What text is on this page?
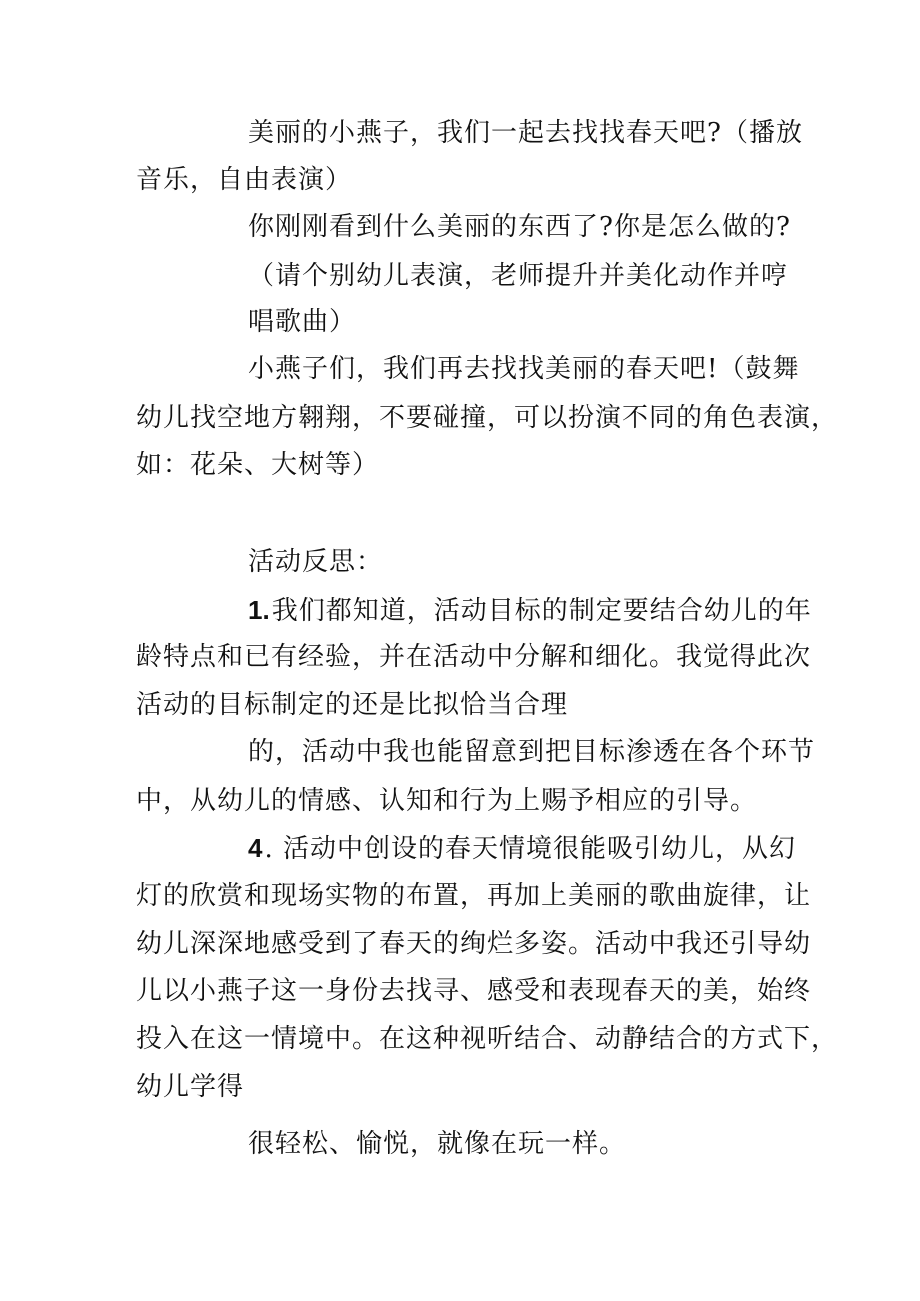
美丽的小燕子，我们一起去找找春天吧?（播放

音乐，自由表演）

你刚刚看到什么美丽的东西了?你是怎么做的?

（请个别幼儿表演，老师提升并美化动作并哼

唱歌曲）

小燕子们，我们再去找找美丽的春天吧!（鼓舞

幼儿找空地方翱翔，不要碰撞，可以扮演不同的角色表演，

如：花朵、大树等）

活动反思：

1.我们都知道，活动目标的制定要结合幼儿的年

龄特点和已有经验，并在活动中分解和细化。我觉得此次

活动的目标制定的还是比拟恰当合理

的，活动中我也能留意到把目标渗透在各个环节

中，从幼儿的情感、认知和行为上赐予相应的引导。

4. 活动中创设的春天情境很能吸引幼儿，从幻

灯的欣赏和现场实物的布置，再加上美丽的歌曲旋律，让

幼儿深深地感受到了春天的绚烂多姿。活动中我还引导幼

儿以小燕子这一身份去找寻、感受和表现春天的美，始终

投入在这一情境中。在这种视听结合、动静结合的方式下，

幼儿学得

很轻松、愉悦，就像在玩一样。
